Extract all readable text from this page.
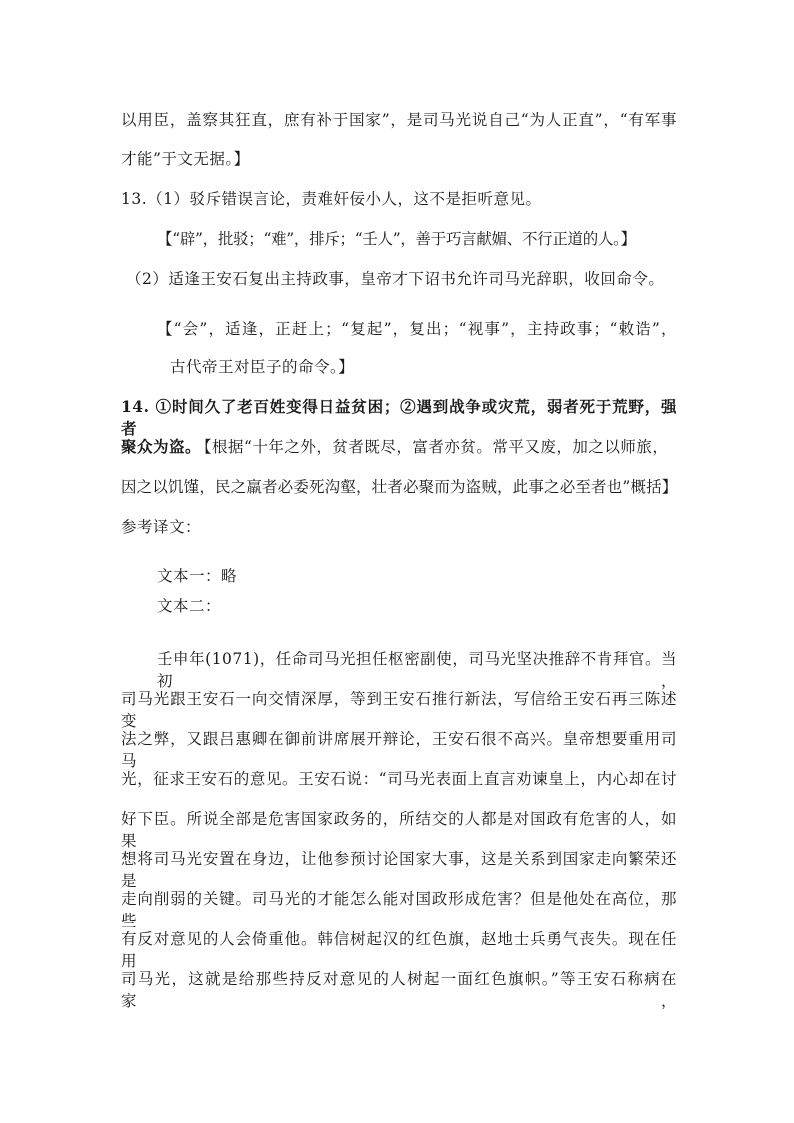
以用臣，盖察其狂直，庶有补于国家”，是司马光说自己“为人正直”，“有军事
才能”于文无据。】
13.（1）驳斥错误言论，责难奸佞小人，这不是拒听意见。
【“辟”，批驳；“难”，排斥；“壬人”，善于巧言献媚、不行正道的人。】
（2）适逢王安石复出主持政事，皇帝才下诏书允许司马光辞职，收回命令。
【“会”，适逢，正赶上；“复起”，复出；“视事”，主持政事；“敕诰”，
古代帝王对臣子的命令。】
14. ①时间久了老百姓变得日益贫困；②遇到战争或灾荒，弱者死于荒野，强者
聚众为盗。
【根据“十年之外，贫者既尽，富者亦贫。常平又废，加之以师旅，
因之以饥馑，民之羸者必委死沟壑，壮者必聚而为盗贼，此事之必至者也”概括】
参考译文：
文本一：略
文本二：
壬申年(1071)，任命司马光担任枢密副使，司马光坚决推辞不肯拜官。当初，
司马光跟王安石一向交情深厚，等到王安石推行新法，写信给王安石再三陈述变
法之弊，又跟吕惠卿在御前讲席展开辩论，王安石很不高兴。皇帝想要重用司马
光，征求王安石的意见。王安石说：“司马光表面上直言劝谏皇上，内心却在讨
好下臣。所说全部是危害国家政务的，所结交的人都是对国政有危害的人，如果
想将司马光安置在身边，让他参预讨论国家大事，这是关系到国家走向繁荣还是
走向削弱的关键。司马光的才能怎么能对国政形成危害？但是他处在高位，那些
有反对意见的人会倚重他。韩信树起汉的红色旗，赵地士兵勇气丧失。现在任用
司马光，这就是给那些持反对意见的人树起一面红色旗帜。”等王安石称病在家，
